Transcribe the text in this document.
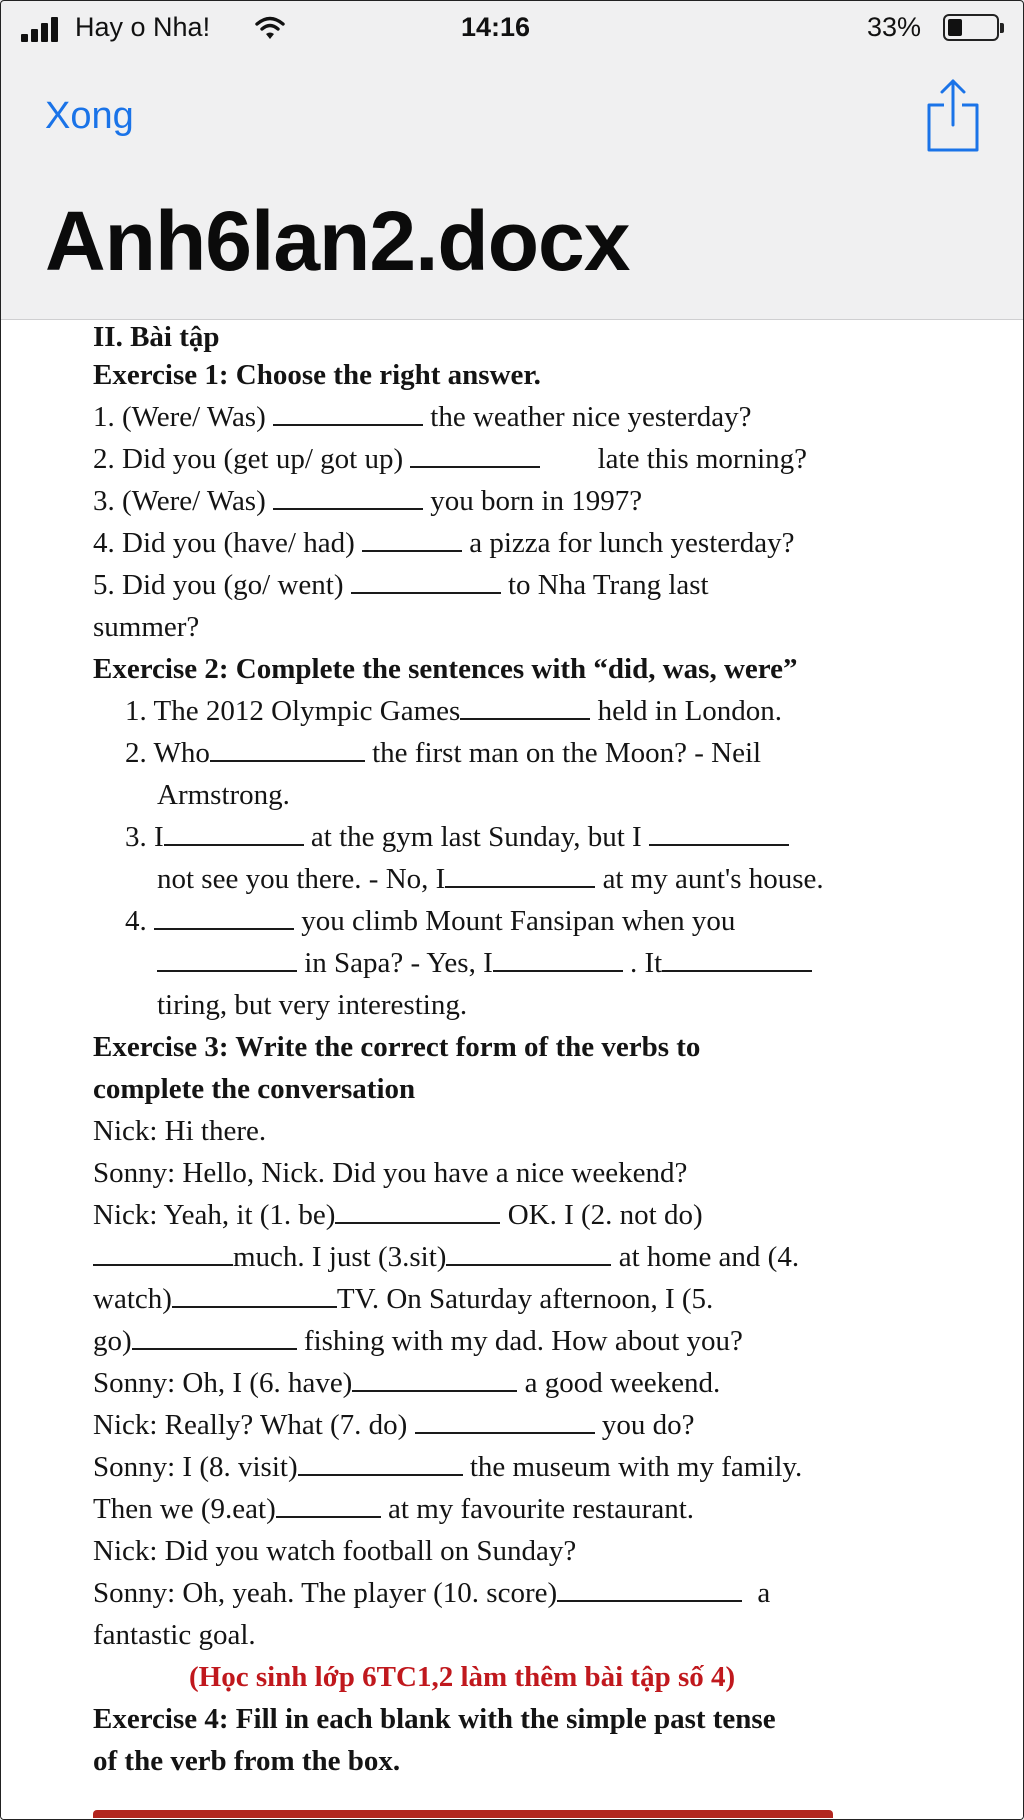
Hay o Nha!	14:16	33%
Xong
Anh6lan2.docx
II. Bài tập
Exercise 1: Choose the right answer.
1. (Were/ Was)	the weather nice yesterday?
2. Did you (get up/ got up)	late this morning?
3. (Were/ Was)	you born in 1997?
4. Did you (have/ had)	a pizza for lunch yesterday?
5. Did you (go/ went)	to Nha Trang last
summer?
Exercise 2: Complete the sentences with “did, was, were”
1. The 2012 Olympic Games	held in London.
2. Who	the first man on the Moon? - Neil
Armstrong.
3. I	at the gym last Sunday, but I
not see you there. - No, I	at my aunt's house.
4.	you climb Mount Fansipan when you
in Sapa? - Yes, I	. It
tiring, but very interesting.
Exercise 3: Write the correct form of the verbs to
complete the conversation
Nick: Hi there.
Sonny: Hello, Nick. Did you have a nice weekend?
Nick: Yeah, it (1. be)	OK. I (2. not do)
much. I just (3.sit)	at home and (4.
watch)	TV. On Saturday afternoon, I (5.
go)	fishing with my dad. How about you?
Sonny: Oh, I (6. have)	a good weekend.
Nick: Really? What (7. do)	you do?
Sonny: I (8. visit)	the museum with my family.
Then we (9.eat)	at my favourite restaurant.
Nick: Did you watch football on Sunday?
Sonny: Oh, yeah. The player (10. score)	a
fantastic goal.
(Học sinh lớp 6TC1,2 làm thêm bài tập số 4)
Exercise 4: Fill in each blank with the simple past tense
of the verb from the box.
